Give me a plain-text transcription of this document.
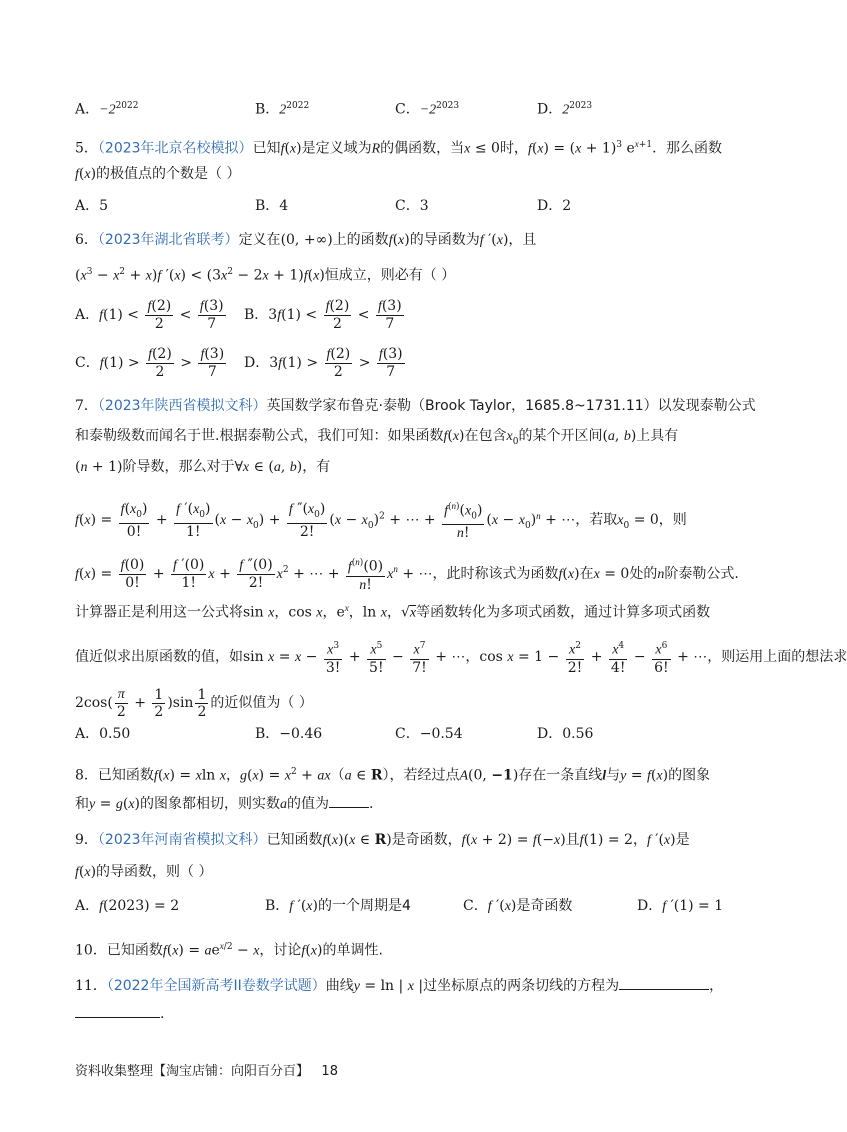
A．$-2^{2022}$	B．$2^{2022}$	C．$-2^{2023}$	D．$2^{2023}$
5．（2023年北京名校模拟）已知f(x)是定义域为R的偶函数，当x ≤ 0时，$f(x) = (x + 1)^3$ $e^{x+1}$．那么函数
f(x)的极值点的个数是（ ）
A．5	B．4	C．3	D．2
6．（2023年湖北省联考）定义在(0, +∞)上的函数f(x)的导函数为f ′(x)，且
$(x^3 - x^2 + x)f$ $'(x) < (3x^2 - 2x + 1)f(x)$恒成立，则必有（ ）
A．$f(1) < \frac{f(2)}{2} < \frac{f(3)}{7}$ B．$3f(1) < \frac{f(2)}{2} < \frac{f(3)}{7}$
C．$f(1) > \frac{f(2)}{2} > \frac{f(3)}{7}$ D．$3f(1) > \frac{f(2)}{2} > \frac{f(3)}{7}$
7．（2023年陕西省模拟文科）英国数学家布鲁克·泰勒（Brook Taylor，1685.8~1731.11）以发现泰勒公式
和泰勒级数而闻名于世.根据泰勒公式，我们可知：如果函数f(x)在包含$x_0$的某个开区间(a, b)上具有
(n + 1)阶导数，那么对于∀x ∈ (a, b)，有
$f(x) = \frac{f(x_0)}{0!} + \frac{f '(x_0)}{1!} (x - x_0) + \frac{f ''(x_0)}{2!} (x - x_0)^2$ + ⋯ + $\frac{f^{(n)}(x_0)}{n!} (x - x_0)^n$ + ⋯，若取$x_0 = 0$，则
$f(x) = \frac{f(0)}{0!} + \frac{f '(0)}{1!}$ $x + \frac{f ''(0)}{2!} x^2$ + ⋯ + $\frac{f^{(n)}(0)}{n!} x^n$ + ⋯，此时称该式为函数f(x)在x = 0处的n阶泰勒公式.
计算器正是利用这一公式将sin x，cos x，$e^x$，ln x，√x等函数转化为多项式函数，通过计算多项式函数
值近似求出原函数的值，如$\sin x = x - \frac{x^3}{3!} + \frac{x^5}{5!} - \frac{x^7}{7!}$ + ⋯，$\cos x = 1 - \frac{x^2}{2!} + \frac{x^4}{4!} - \frac{x^6}{6!}$ + ⋯，则运用上面的想法求
$2\cos( \frac{\pi}{2} + \frac{1}{2} )\sin \frac{1}{2}$ 的近似值为（ ）
A．0.50	B．−0.46	C．−0.54	D．0.56
8．已知函数f(x) = xln x，$g(x) = x^2 + ax(a$ ∈ R），若经过点A(0, −1)存在一条直线l与y = f(x)的图象
和y = g(x)的图象都相切，则实数a的值为	.
9．（2023年河南省模拟文科）已知函数f(x)(x ∈ R)是奇函数，f(x + 2) = f(−x)且f(1) = 2，f ′(x)是
f(x)的导函数，则（ ）
A．f(2023) = 2	B．f ′(x)的一个周期是4	C．f ′(x)是奇函数	D．f ′(1) = 1
10．已知函数$f(x) = ae^{x/2} - x$，讨论f(x)的单调性.
11．（2022年全国新高考II卷数学试题）曲线y = ln | x |过坐标原点的两条切线的方程为	，
.
资料收集整理【淘宝店铺：向阳百分百】 18
